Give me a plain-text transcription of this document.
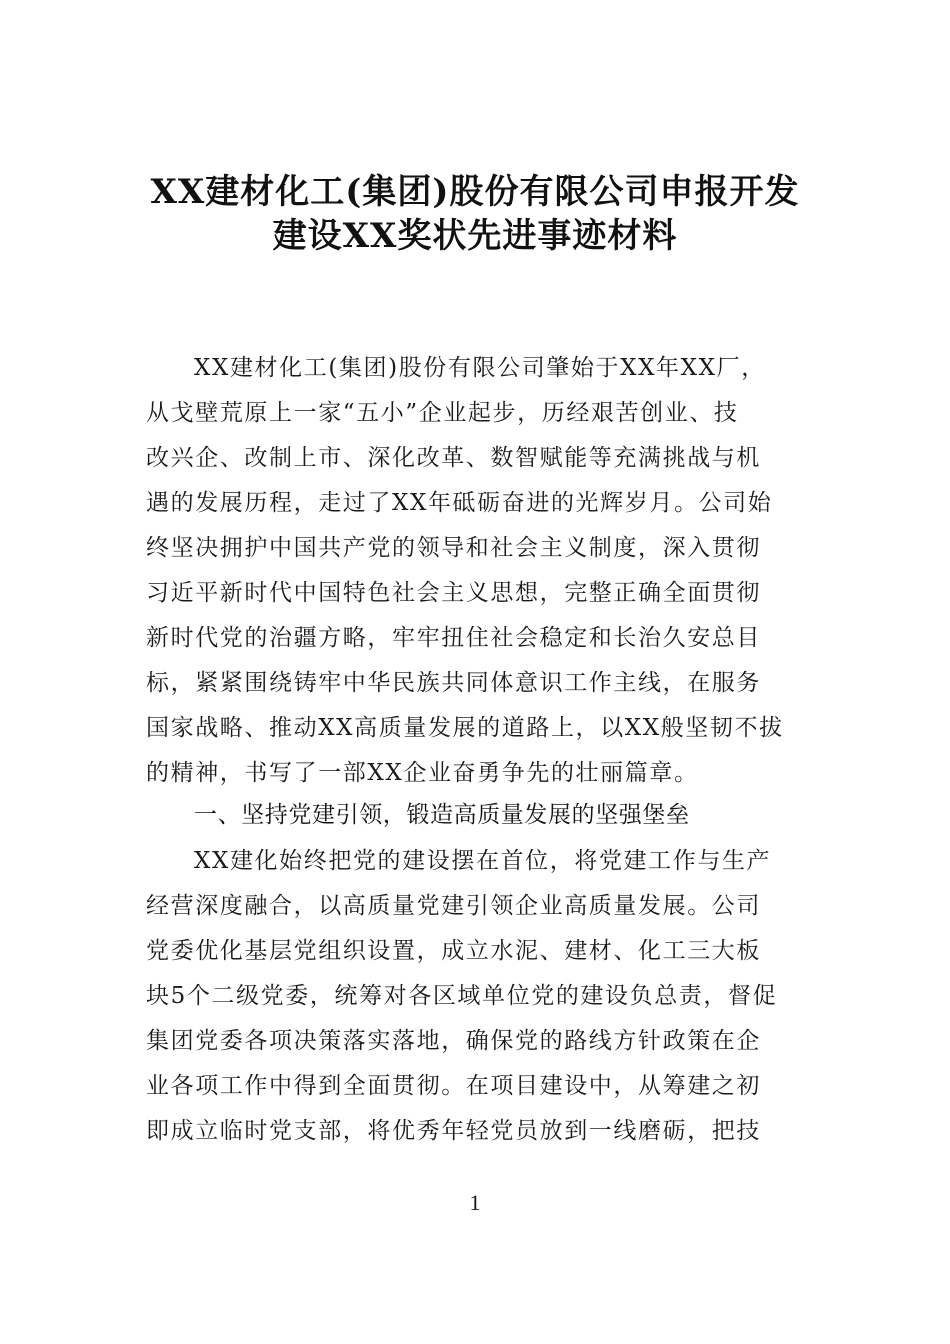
XX建材化工(集团)股份有限公司申报开发
建设XX奖状先进事迹材料
XX建材化工(集团)股份有限公司肇始于XX年XX厂，
从戈壁荒原上一家“五小”企业起步，历经艰苦创业、技
改兴企、改制上市、深化改革、数智赋能等充满挑战与机
遇的发展历程，走过了XX年砥砺奋进的光辉岁月。公司始
终坚决拥护中国共产党的领导和社会主义制度，深入贯彻
习近平新时代中国特色社会主义思想，完整正确全面贯彻
新时代党的治疆方略，牢牢扭住社会稳定和长治久安总目
标，紧紧围绕铸牢中华民族共同体意识工作主线，在服务
国家战略、推动XX高质量发展的道路上，以XX般坚韧不拔
的精神，书写了一部XX企业奋勇争先的壮丽篇章。
一、坚持党建引领，锻造高质量发展的坚强堡垒
XX建化始终把党的建设摆在首位，将党建工作与生产
经营深度融合，以高质量党建引领企业高质量发展。公司
党委优化基层党组织设置，成立水泥、建材、化工三大板
块5个二级党委，统筹对各区域单位党的建设负总责，督促
集团党委各项决策落实落地，确保党的路线方针政策在企
业各项工作中得到全面贯彻。在项目建设中，从筹建之初
即成立临时党支部，将优秀年轻党员放到一线磨砺，把技
1
